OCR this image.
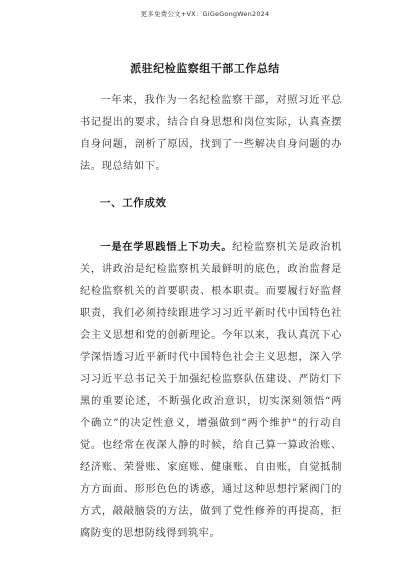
更多免费公文+VX：GiGeGongWen2024
派驻纪检监察组干部工作总结

一年来，我作为一名纪检监察干部，对照习近平总书记提出的要求，结合自身思想和岗位实际，认真查摆自身问题，剖析了原因，找到了一些解决自身问题的办法。现总结如下。

一、工作成效

一是在学思践悟上下功夫。纪检监察机关是政治机关，讲政治是纪检监察机关最鲜明的底色，政治监督是纪检监察机关的首要职责、根本职责。而要履行好监督职责，我们必须持续跟进学习习近平新时代中国特色社会主义思想和党的创新理论。今年以来，我认真沉下心学深悟透习近平新时代中国特色社会主义思想，深入学习习近平总书记关于加强纪检监察队伍建设、严防灯下黑的重要论述，不断强化政治意识，切实深刻领悟“两个确立”的决定性意义，增强做到“两个维护”的行动自觉。也经常在夜深人静的时候，给自己算一算政治账、经济账、荣誉账、家庭账、健康账、自由账，自觉抵制方方面面、形形色色的诱惑，通过这种思想拧紧阀门的方式，敲敲脑袋的方法，做到了党性修养的再提高，拒腐防变的思想防线得到筑牢。
